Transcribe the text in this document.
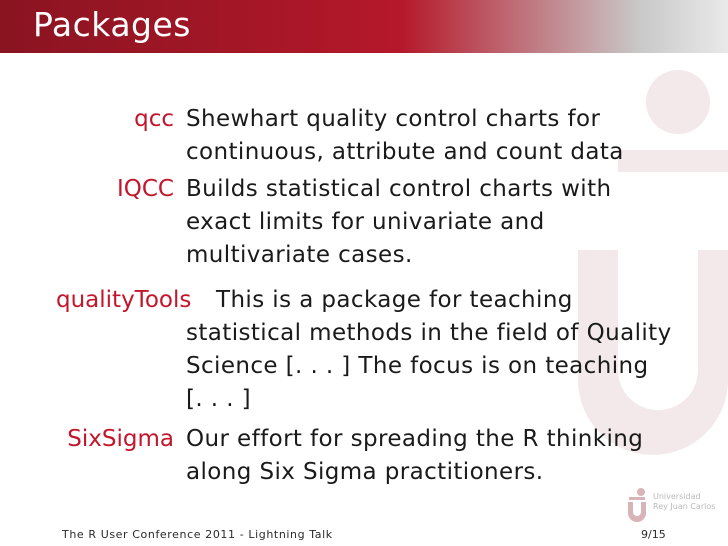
Packages
qcc Shewhart quality control charts for
continuous, attribute and count data
IQCC Builds statistical control charts with
exact limits for univariate and
multivariate cases.
qualityTools This is a package for teaching
statistical methods in the field of Quality
Science [. . . ] The focus is on teaching
[. . . ]
SixSigma Our effort for spreading the R thinking
along Six Sigma practitioners.
Universidad
Rey Juan Carlos
The R User Conference 2011 - Lightning Talk	9/15
